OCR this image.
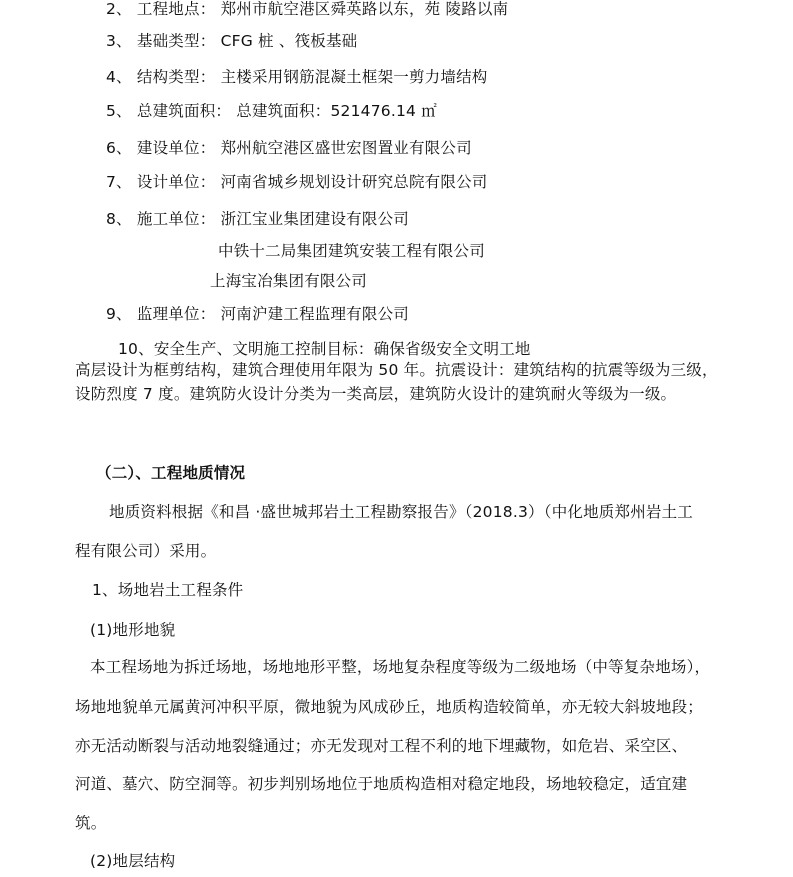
2、 工程地点： 郑州市航空港区舜英路以东，苑 陵路以南
3、 基础类型： CFG 桩 、筏板基础
4、 结构类型： 主楼采用钢筋混凝土框架一剪力墙结构
5、 总建筑面积： 总建筑面积：521476.14 ㎡
6、 建设单位： 郑州航空港区盛世宏图置业有限公司
7、 设计单位： 河南省城乡规划设计研究总院有限公司
8、 施工单位： 浙江宝业集团建设有限公司
中铁十二局集团建筑安装工程有限公司
上海宝冶集团有限公司
9、 监理单位： 河南沪建工程监理有限公司
10、安全生产、文明施工控制目标：确保省级安全文明工地
高层设计为框剪结构，建筑合理使用年限为 50 年。抗震设计：建筑结构的抗震等级为三级，
设防烈度 7 度。建筑防火设计分类为一类高层，建筑防火设计的建筑耐火等级为一级。
（二）、工程地质情况
地质资料根据《和昌 ·盛世城邦岩土工程勘察报告》（2018.3）（中化地质郑州岩土工
程有限公司）采用。
1、场地岩土工程条件
(1)地形地貌
本工程场地为拆迁场地，场地地形平整，场地复杂程度等级为二级地场（中等复杂地场），
场地地貌单元属黄河冲积平原，微地貌为风成砂丘，地质构造较简单，亦无较大斜坡地段；
亦无活动断裂与活动地裂缝通过；亦无发现对工程不利的地下埋藏物，如危岩、采空区、
河道、墓穴、防空洞等。初步判别场地位于地质构造相对稳定地段，场地较稳定，适宜建
筑。
(2)地层结构
